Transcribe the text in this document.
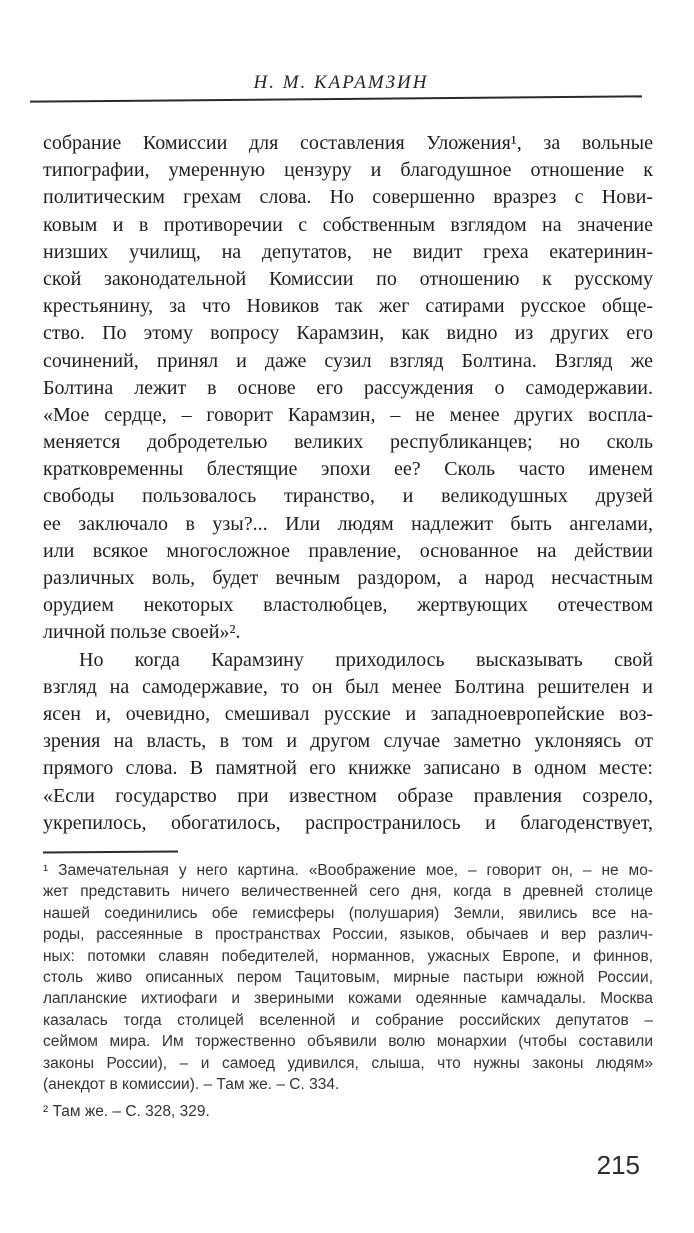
Н. М. КАРАМЗИН
собрание Комиссии для составления Уложения¹, за вольные
типографии, умеренную цензуру и благодушное отношение к
политическим грехам слова. Но совершенно вразрез с Нови-
ковым и в противоречии с собственным взглядом на значение
низших училищ, на депутатов, не видит греха екатеринин-
ской законодательной Комиссии по отношению к русскому
крестьянину, за что Новиков так жег сатирами русское обще-
ство. По этому вопросу Карамзин, как видно из других его
сочинений, принял и даже сузил взгляд Болтина. Взгляд же
Болтина лежит в основе его рассуждения о самодержавии.
«Мое сердце, – говорит Карамзин, – не менее других воспла-
меняется добродетелью великих республиканцев; но сколь
кратковременны блестящие эпохи ее? Сколь часто именем
свободы пользовалось тиранство, и великодушных друзей
ее заключало в узы?... Или людям надлежит быть ангелами,
или всякое многосложное правление, основанное на действии
различных воль, будет вечным раздором, а народ несчастным
орудием некоторых властолюбцев, жертвующих отечеством
личной пользе своей»².
Но когда Карамзину приходилось высказывать свой
взгляд на самодержавие, то он был менее Болтина решителен и
ясен и, очевидно, смешивал русские и западноевропейские воз-
зрения на власть, в том и другом случае заметно уклоняясь от
прямого слова. В памятной его книжке записано в одном месте:
«Если государство при известном образе правления созрело,
укрепилось, обогатилось, распространилось и благоденствует,
¹ Замечательная у него картина. «Воображение мое, – говорит он, – не мо-
жет представить ничего величественней сего дня, когда в древней столице
нашей соединились обе гемисферы (полушария) Земли, явились все на-
роды, рассеянные в пространствах России, языков, обычаев и вер различ-
ных: потомки славян победителей, норманнов, ужасных Европе, и финнов,
столь живо описанных пером Тацитовым, мирные пастыри южной России,
лапланские ихтиофаги и звериными кожами одеянные камчадалы. Москва
казалась тогда столицей вселенной и собрание российских депутатов –
сеймом мира. Им торжественно объявили волю монархии (чтобы составили
законы России), – и самоед удивился, слыша, что нужны законы людям»
(анекдот в комиссии). – Там же. – С. 334.
² Там же. – С. 328, 329.
215
